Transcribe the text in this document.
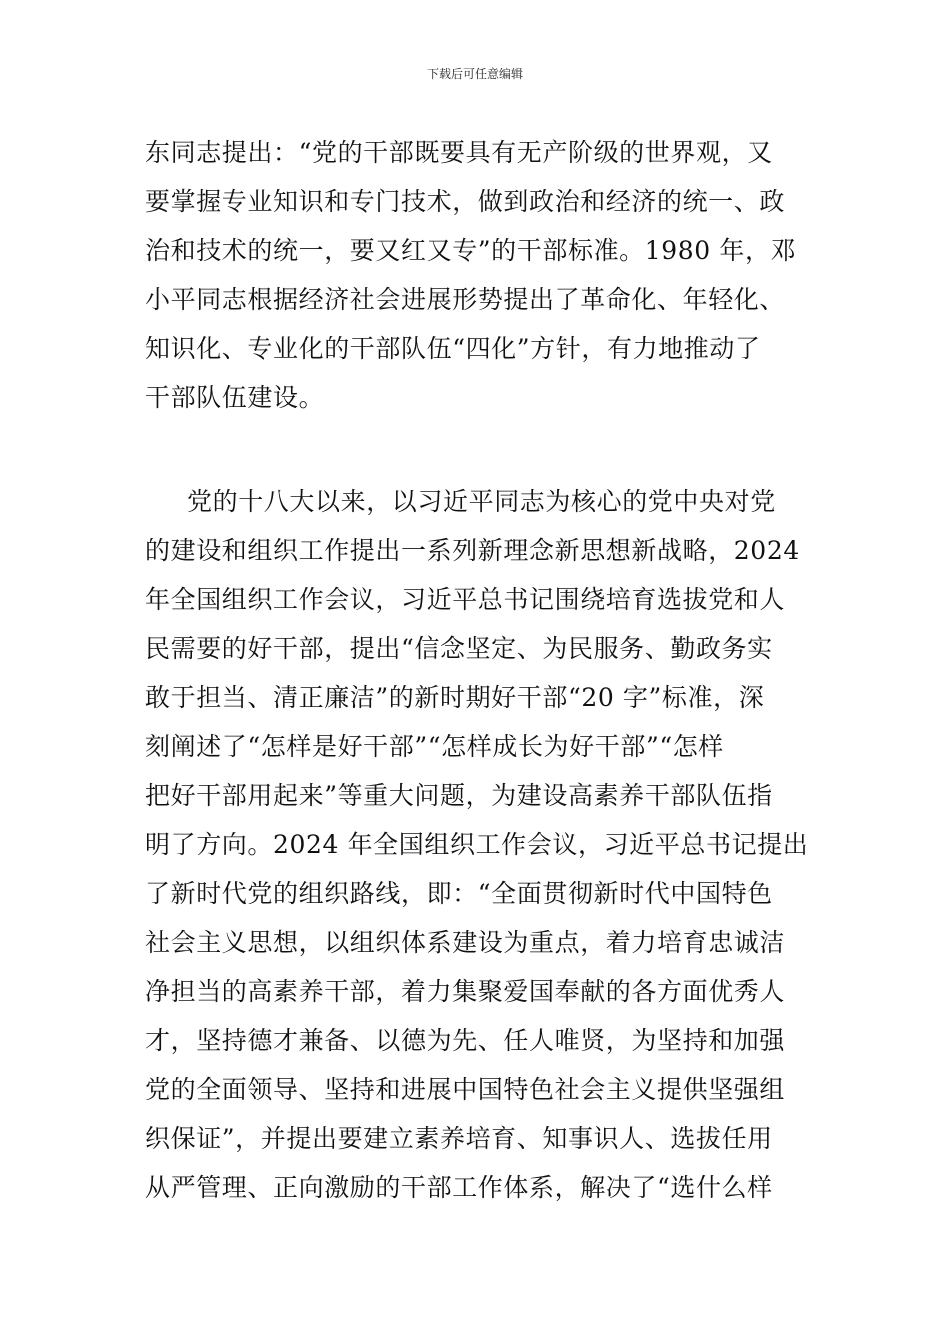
下载后可任意编辑
东同志提出：“党的干部既要具有无产阶级的世界观，又
要掌握专业知识和专门技术，做到政治和经济的统一、政
治和技术的统一，要又红又专”的干部标准。1980 年，邓
小平同志根据经济社会进展形势提出了革命化、年轻化、
知识化、专业化的干部队伍“四化”方针，有力地推动了
干部队伍建设。
党的十八大以来，以习近平同志为核心的党中央对党
的建设和组织工作提出一系列新理念新思想新战略，2024
年全国组织工作会议，习近平总书记围绕培育选拔党和人
民需要的好干部，提出“信念坚定、为民服务、勤政务实
敢于担当、清正廉洁”的新时期好干部“20 字”标准，深
刻阐述了“怎样是好干部”“怎样成长为好干部”“怎样
把好干部用起来”等重大问题，为建设高素养干部队伍指
明了方向。2024 年全国组织工作会议，习近平总书记提出
了新时代党的组织路线，即：“全面贯彻新时代中国特色
社会主义思想，以组织体系建设为重点，着力培育忠诚洁
净担当的高素养干部，着力集聚爱国奉献的各方面优秀人
才，坚持德才兼备、以德为先、任人唯贤，为坚持和加强
党的全面领导、坚持和进展中国特色社会主义提供坚强组
织保证”，并提出要建立素养培育、知事识人、选拔任用
从严管理、正向激励的干部工作体系，解决了“选什么样
